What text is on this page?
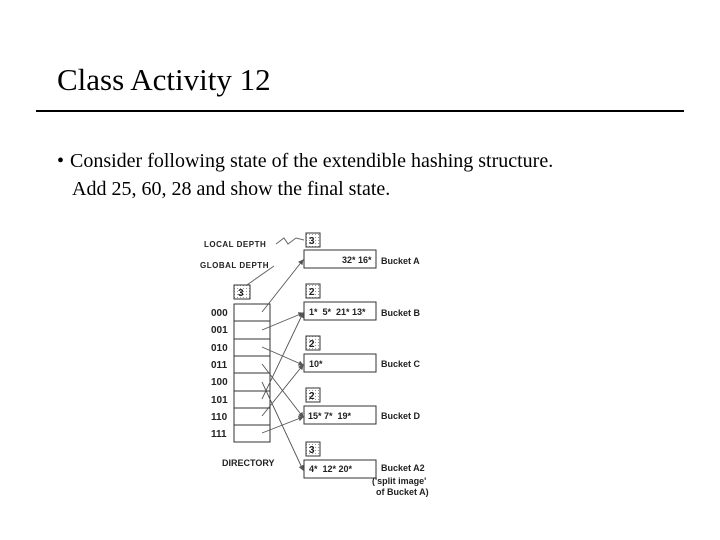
Class Activity 12
• Consider following state of the extendible hashing structure.
Add 25, 60, 28 and show the final state.
LOCAL DEPTH
GLOBAL DEPTH
3
000
001
010
011
100
101
110
111
DIRECTORY
3
32* 16* Bucket A
2
1*  5*  21* 13* Bucket B
2
10*	Bucket C
2
15* 7*  19*	Bucket D
3
4*  12* 20*	Bucket A2
('split image'
of Bucket A)
